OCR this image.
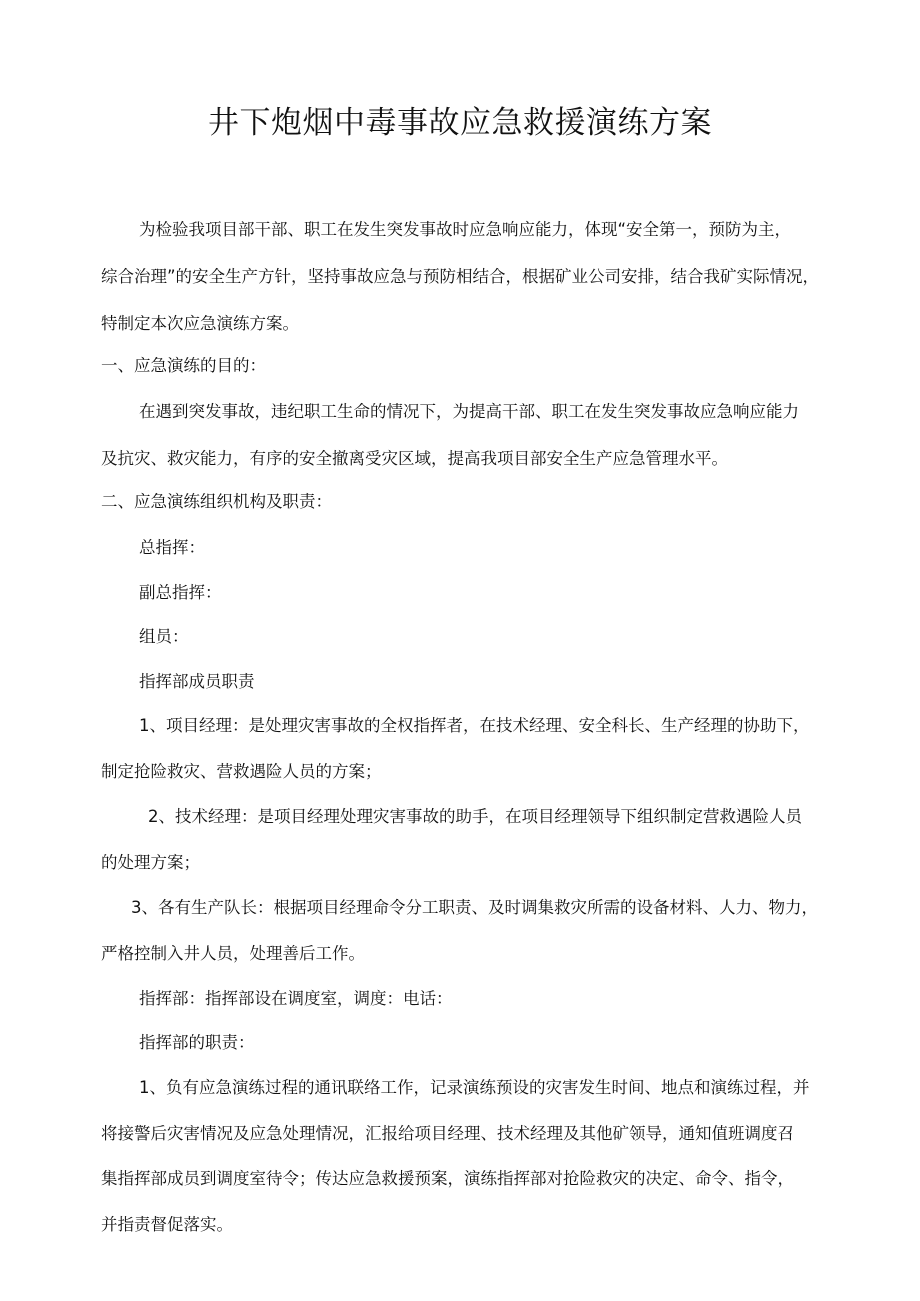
井下炮烟中毒事故应急救援演练方案
为检验我项目部干部、职工在发生突发事故时应急响应能力，体现“安全第一，预防为主，
综合治理”的安全生产方针，坚持事故应急与预防相结合，根据矿业公司安排，结合我矿实际情况，
特制定本次应急演练方案。
一、应急演练的目的：
在遇到突发事故，违纪职工生命的情况下，为提高干部、职工在发生突发事故应急响应能力
及抗灾、救灾能力，有序的安全撤离受灾区域，提高我项目部安全生产应急管理水平。
二、应急演练组织机构及职责：
总指挥：
副总指挥：
组员：
指挥部成员职责
1、项目经理：是处理灾害事故的全权指挥者，在技术经理、安全科长、生产经理的协助下，
制定抢险救灾、营救遇险人员的方案；
2、技术经理：是项目经理处理灾害事故的助手，在项目经理领导下组织制定营救遇险人员
的处理方案；
3、各有生产队长：根据项目经理命令分工职责、及时调集救灾所需的设备材料、人力、物力，
严格控制入井人员，处理善后工作。
指挥部：指挥部设在调度室，调度：电话：
指挥部的职责：
1、负有应急演练过程的通讯联络工作，记录演练预设的灾害发生时间、地点和演练过程，并
将接警后灾害情况及应急处理情况，汇报给项目经理、技术经理及其他矿领导，通知值班调度召
集指挥部成员到调度室待令；传达应急救援预案，演练指挥部对抢险救灾的决定、命令、指令，
并指责督促落实。
